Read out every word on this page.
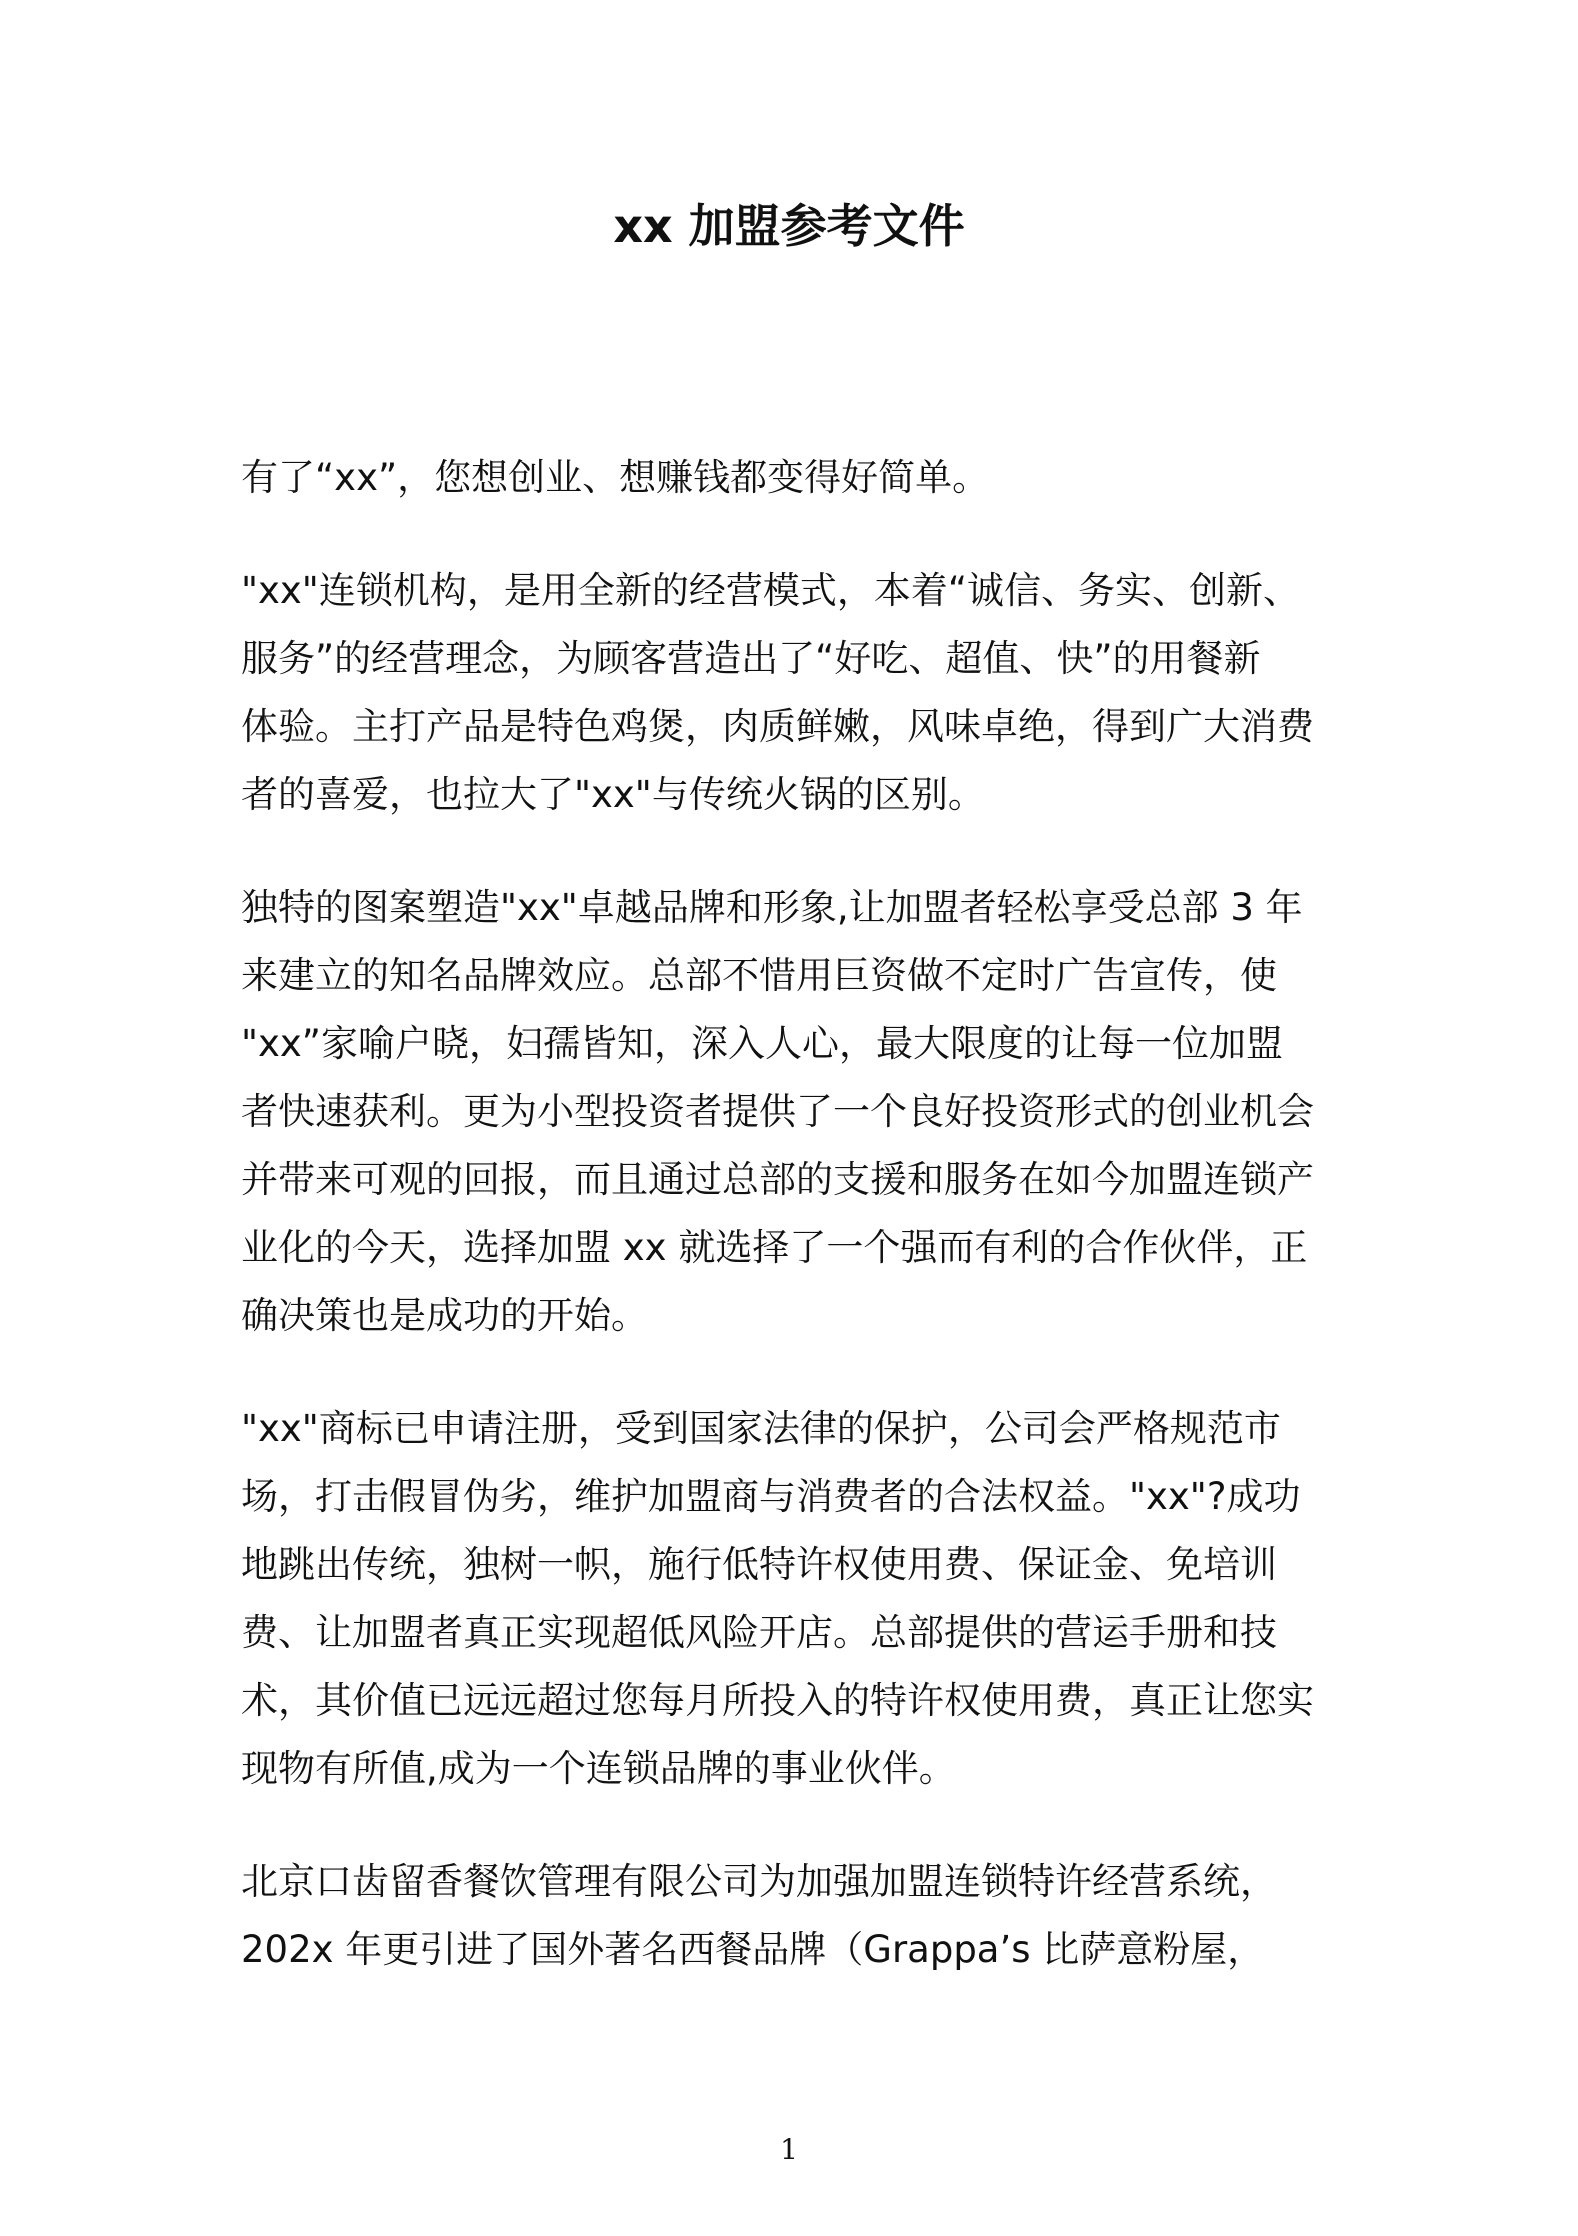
xx 加盟参考文件

有了“xx”，您想创业、想赚钱都变得好简单。

"xx"连锁机构，是用全新的经营模式，本着“诚信、务实、创新、
服务”的经营理念，为顾客营造出了“好吃、超值、快”的用餐新
体验。主打产品是特色鸡煲，肉质鲜嫩，风味卓绝，得到广大消费
者的喜爱，也拉大了"xx"与传统火锅的区别。

独特的图案塑造"xx"卓越品牌和形象,让加盟者轻松享受总部 3 年
来建立的知名品牌效应。总部不惜用巨资做不定时广告宣传，使
"xx”家喻户晓，妇孺皆知，深入人心，最大限度的让每一位加盟
者快速获利。更为小型投资者提供了一个良好投资形式的创业机会
并带来可观的回报，而且通过总部的支援和服务在如今加盟连锁产
业化的今天，选择加盟 xx 就选择了一个强而有利的合作伙伴，正
确决策也是成功的开始。

"xx"商标已申请注册，受到国家法律的保护，公司会严格规范市
场，打击假冒伪劣，维护加盟商与消费者的合法权益。"xx"?成功
地跳出传统，独树一帜，施行低特许权使用费、保证金、免培训
费、让加盟者真正实现超低风险开店。总部提供的营运手册和技
术，其价值已远远超过您每月所投入的特许权使用费，真正让您实
现物有所值,成为一个连锁品牌的事业伙伴。

北京口齿留香餐饮管理有限公司为加强加盟连锁特许经营系统，
202x 年更引进了国外著名西餐品牌（Grappa’s 比萨意粉屋，

1
